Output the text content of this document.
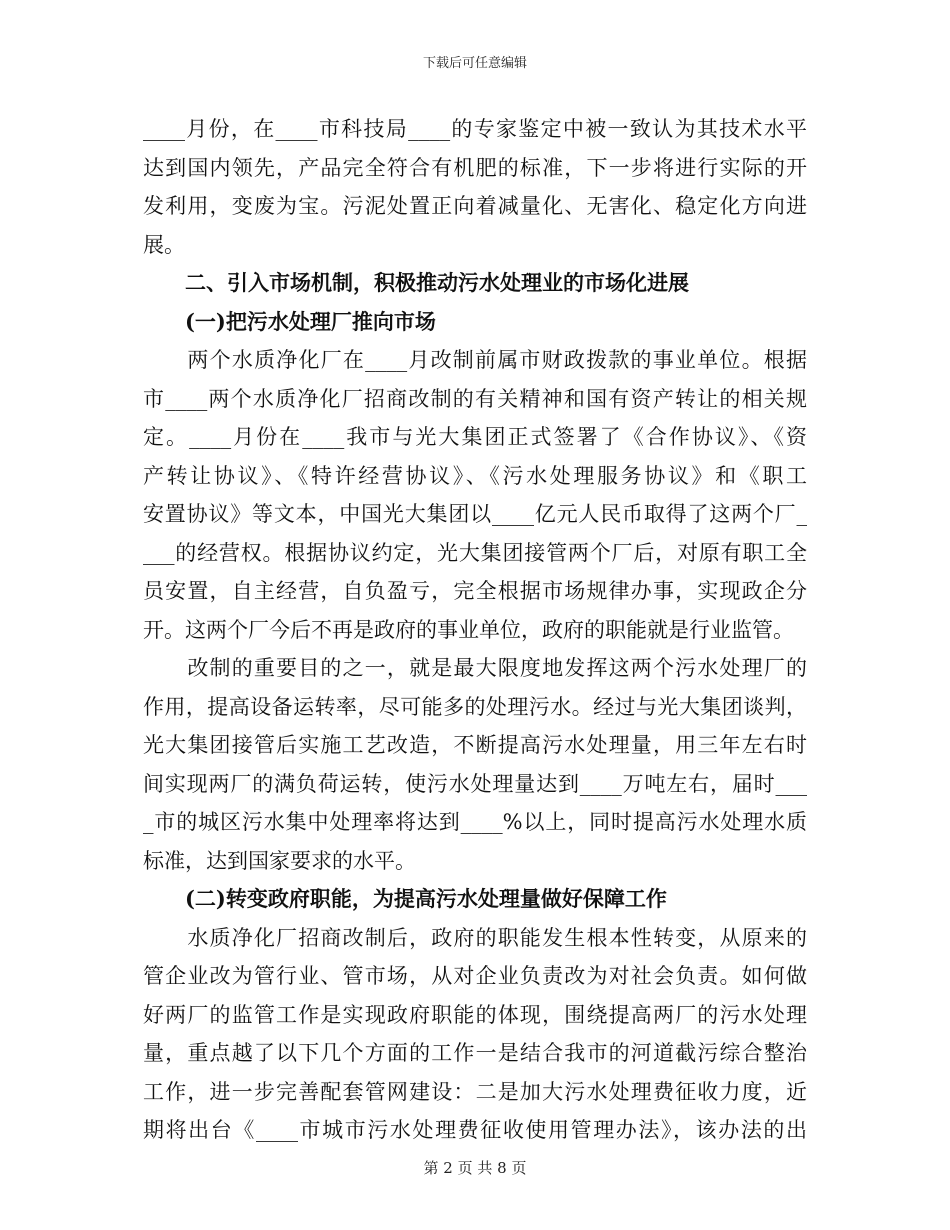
下载后可任意编辑
____月份，在____市科技局____的专家鉴定中被一致认为其技术水平
达到国内领先，产品完全符合有机肥的标准，下一步将进行实际的开
发利用，变废为宝。污泥处置正向着减量化、无害化、稳定化方向进
展。
　　二、引入市场机制，积极推动污水处理业的市场化进展
　　(一)把污水处理厂推向市场
　　两个水质净化厂在____月改制前属市财政拨款的事业单位。根据
市____两个水质净化厂招商改制的有关精神和国有资产转让的相关规
定。____月份在____我市与光大集团正式签署了《合作协议》、《资
产转让协议》、《特许经营协议》、《污水处理服务协议》和《职工
安置协议》等文本，中国光大集团以____亿元人民币取得了这两个厂_
___的经营权。根据协议约定，光大集团接管两个厂后，对原有职工全
员安置，自主经营，自负盈亏，完全根据市场规律办事，实现政企分
开。这两个厂今后不再是政府的事业单位，政府的职能就是行业监管。
　　改制的重要目的之一，就是最大限度地发挥这两个污水处理厂的
作用，提高设备运转率，尽可能多的处理污水。经过与光大集团谈判，
光大集团接管后实施工艺改造，不断提高污水处理量，用三年左右时
间实现两厂的满负荷运转，使污水处理量达到____万吨左右，届时___
_市的城区污水集中处理率将达到____%以上，同时提高污水处理水质
标准，达到国家要求的水平。
　　(二)转变政府职能，为提高污水处理量做好保障工作
　　水质净化厂招商改制后，政府的职能发生根本性转变，从原来的
管企业改为管行业、管市场，从对企业负责改为对社会负责。如何做
好两厂的监管工作是实现政府职能的体现，围绕提高两厂的污水处理
量，重点越了以下几个方面的工作一是结合我市的河道截污综合整治
工作，进一步完善配套管网建设：二是加大污水处理费征收力度，近
期将出台《____市城市污水处理费征收使用管理办法》，该办法的出
第 2 页 共 8 页
